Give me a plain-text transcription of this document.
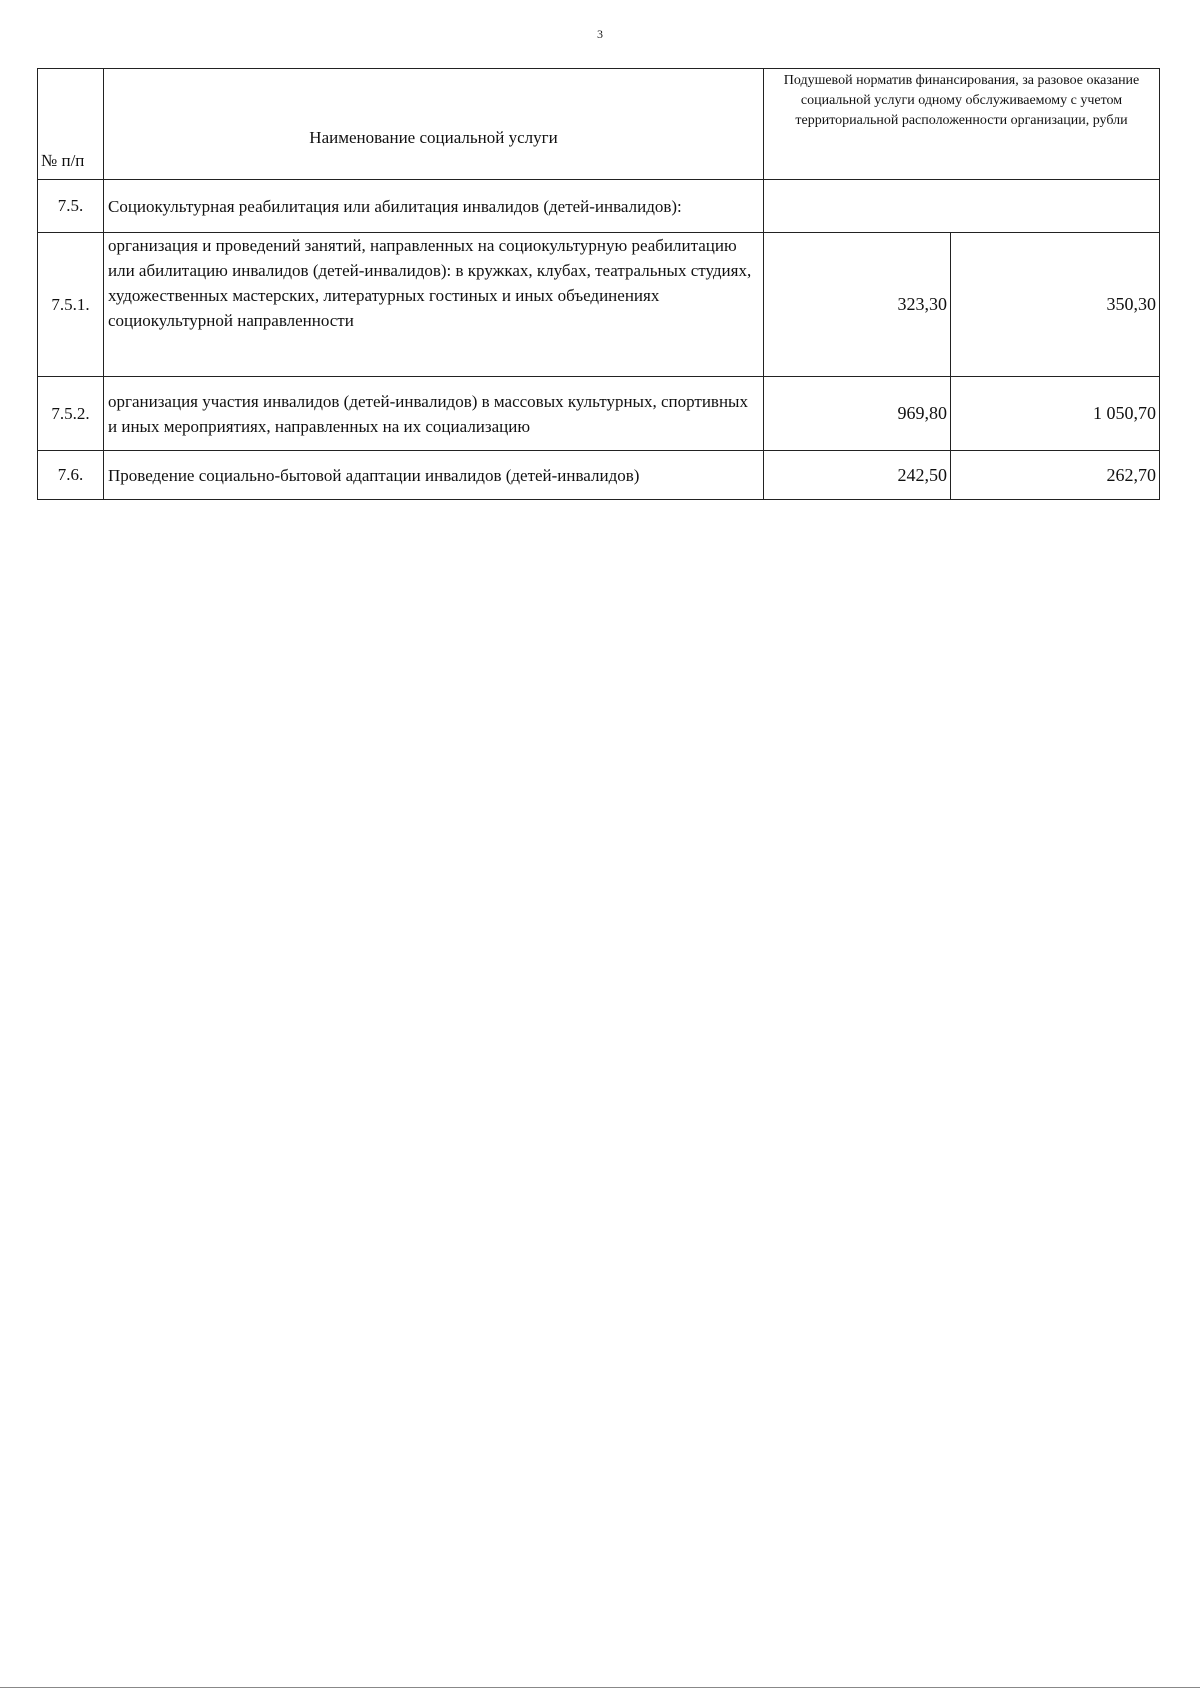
3
№ п/п	Наименование социальной услуги	Подушевой норматив финансирования, за разовое оказание социальной услуги одному обслуживаемому с учетом территориальной расположенности организации, рубли	
7.5.	Социокультурная реабилитация или абилитация инвалидов (детей-инвалидов):		
7.5.1.	организация и проведений занятий, направленных на социокультурную реабилитацию или абилитацию инвалидов (детей-инвалидов): в кружках, клубах, театральных студиях, художественных мастерских, литературных гостиных и иных объединениях социокультурной направленности	323,30	350,30
7.5.2.	организация участия инвалидов (детей-инвалидов) в массовых культурных, спортивных и иных мероприятиях, направленных на их социализацию	969,80	1 050,70
7.6.	Проведение социально-бытовой адаптации инвалидов (детей-инвалидов)	242,50	262,70
